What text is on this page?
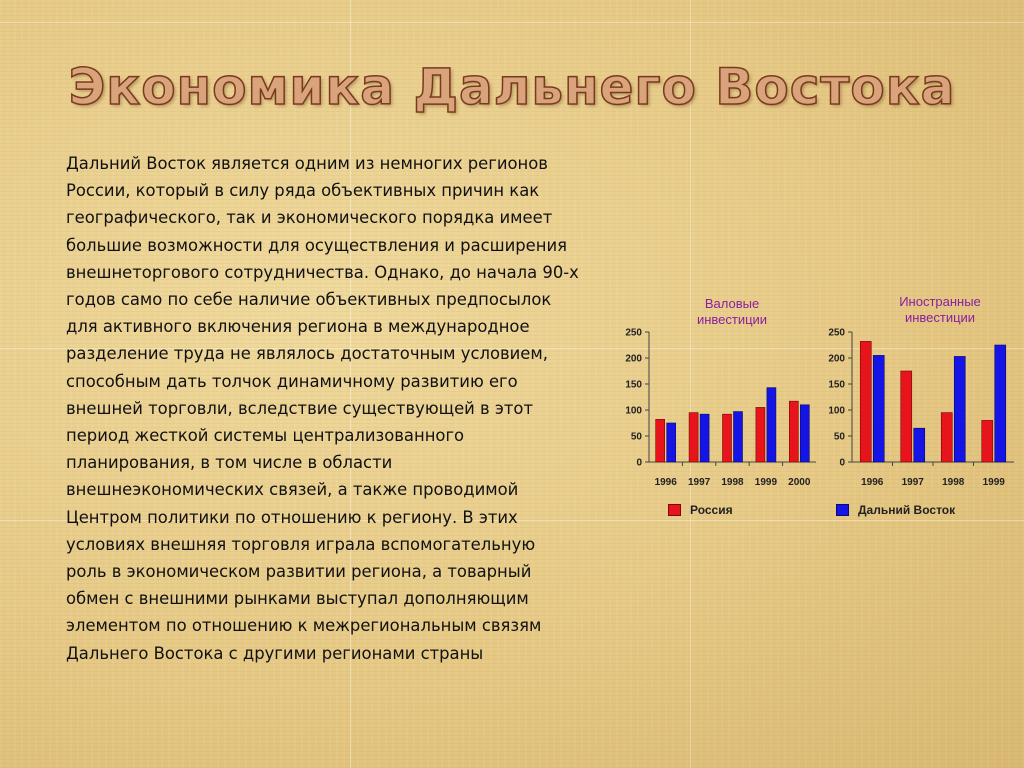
Экономика Дальнего Востока
Дальний Восток является одним из немногих регионов
России, который в силу ряда объективных причин как
географического, так и экономического порядка имеет
большие возможности для осуществления и расширения
внешнеторгового сотрудничества. Однако, до начала 90-х
годов само по себе наличие объективных предпосылок
для активного включения региона в международное
разделение труда не являлось достаточным условием,
способным дать толчок динамичному развитию его
внешней торговли, вследствие существующей в этот
период жесткой системы централизованного
планирования, в том числе в области
внешнеэкономических связей, а также проводимой
Центром политики по отношению к региону. В этих
условиях внешняя торговля играла вспомогательную
роль в экономическом развитии региона, а товарный
обмен с внешними рынками выступал дополняющим
элементом по отношению к межрегиональным связям
Дальнего Востока с другими регионами страны
Валовые
инвестиции
0
50
100
150
200
250
1996 1997 1998 1999 2000
Иностранные
инвестиции
0
50
100
150
200
250
1996 1997 1998 1999
Россия	Дальний Восток
